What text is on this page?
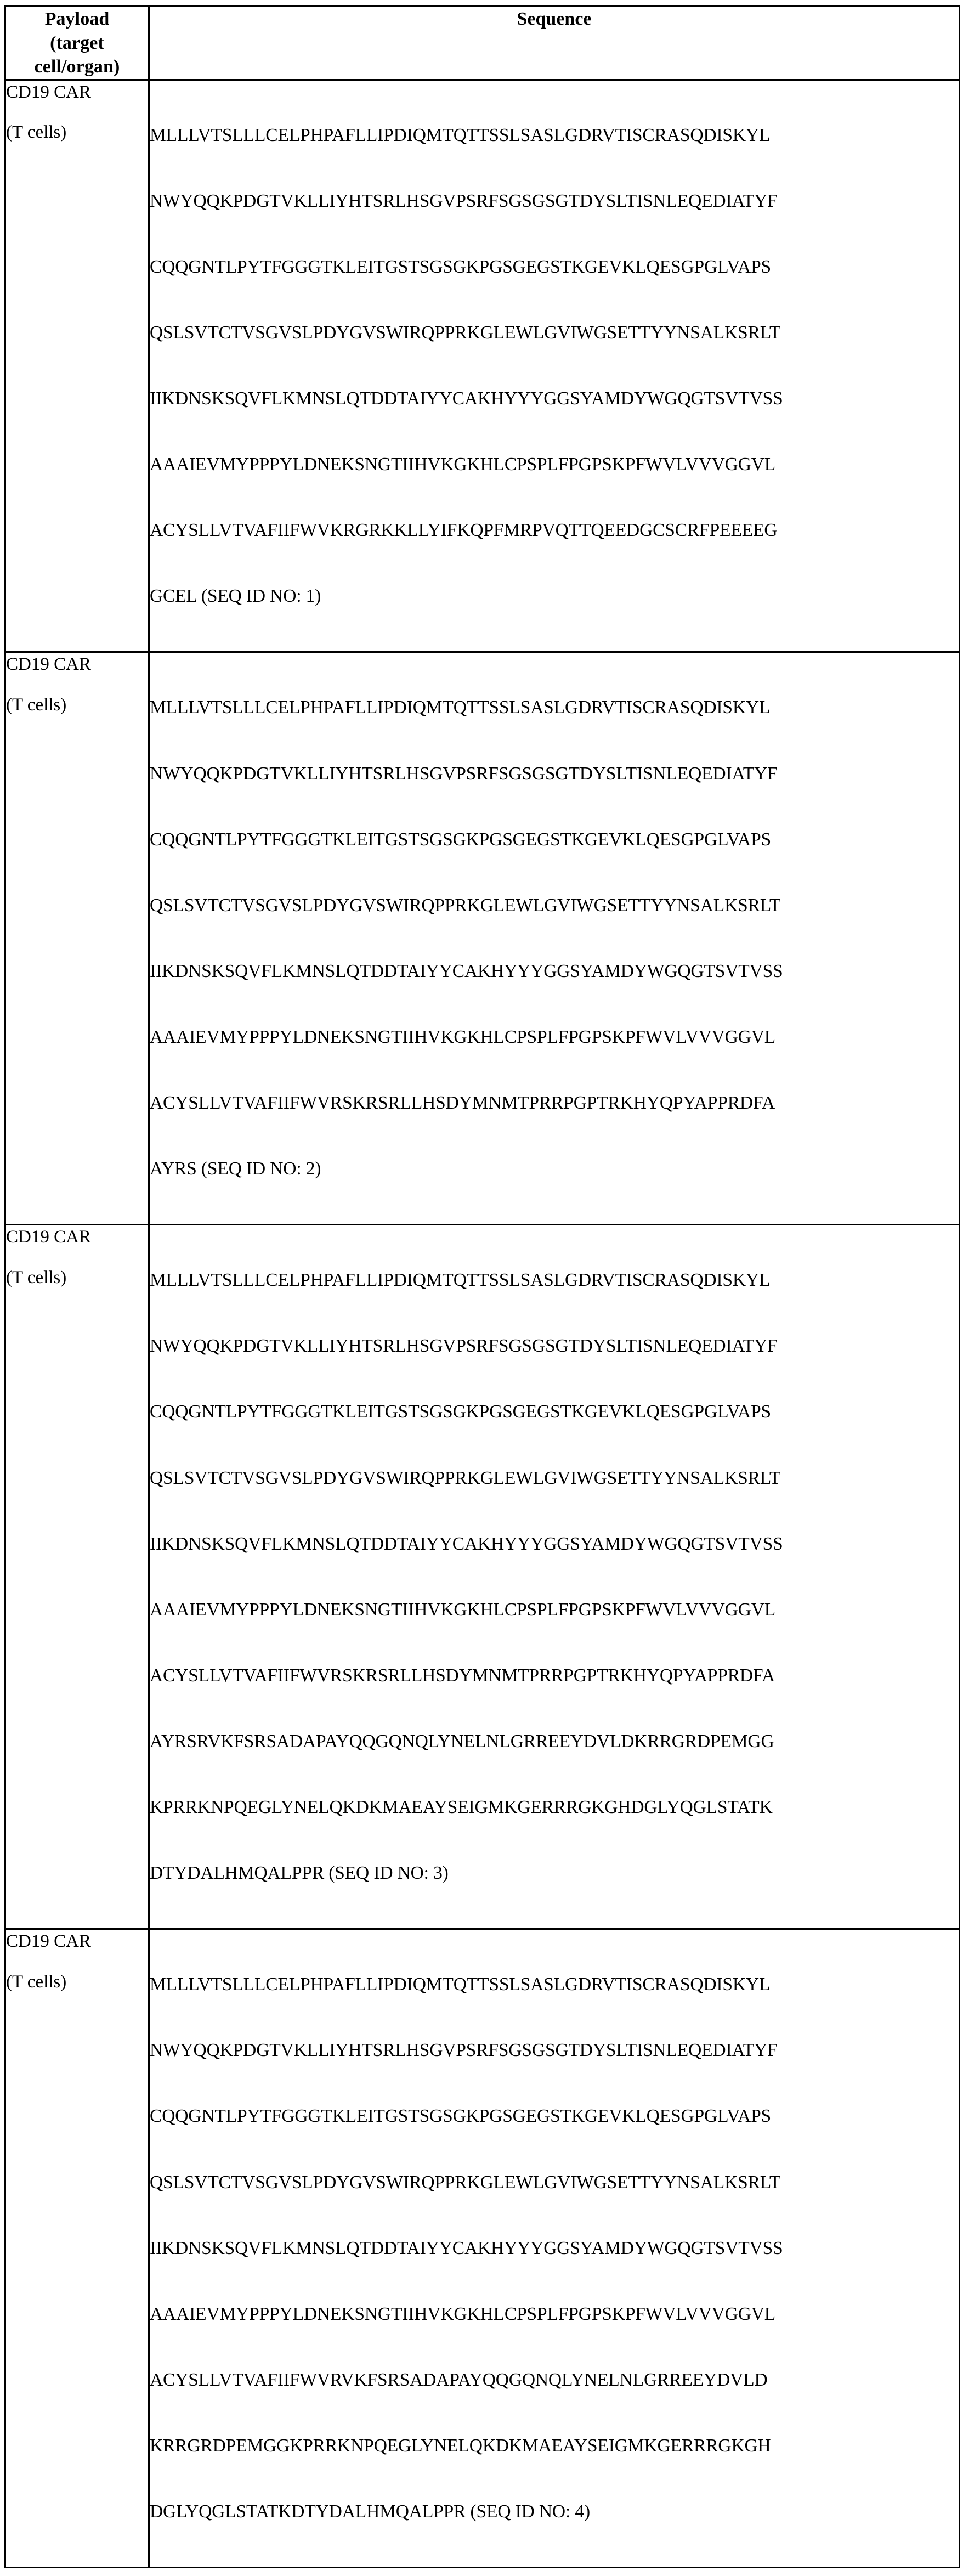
Payload
(target
cell/organ)	Sequence

CD19 CAR
(T cells)	MLLLVTSLLLCELPHPAFLLIPDIQMTQTTSSLSASLGDRVTISCRASQDISKYL

NWYQQKPDGTVKLLIYHTSRLHSGVPSRFSGSGSGTDYSLTISNLEQEDIATYF

CQQGNTLPYTFGGGTKLEITGSTSGSGKPGSGEGSTKGEVKLQESGPGLVAPS

QSLSVTCTVSGVSLPDYGVSWIRQPPRKGLEWLGVIWGSETTYYNSALKSRLT

IIKDNSKSQVFLKMNSLQTDDTAIYYCAKHYYYGGSYAMDYWGQGTSVTVSS

AAAIEVMYPPPYLDNEKSNGTIIHVKGKHLCPSPLFPGPSKPFWVLVVVGGVL

ACYSLLVTVAFIIFWVKRGRKKLLYIFKQPFMRPVQTTQEEDGCSCRFPEEEEG

GCEL (SEQ ID NO: 1)

CD19 CAR
(T cells)	MLLLVTSLLLCELPHPAFLLIPDIQMTQTTSSLSASLGDRVTISCRASQDISKYL

NWYQQKPDGTVKLLIYHTSRLHSGVPSRFSGSGSGTDYSLTISNLEQEDIATYF

CQQGNTLPYTFGGGTKLEITGSTSGSGKPGSGEGSTKGEVKLQESGPGLVAPS

QSLSVTCTVSGVSLPDYGVSWIRQPPRKGLEWLGVIWGSETTYYNSALKSRLT

IIKDNSKSQVFLKMNSLQTDDTAIYYCAKHYYYGGSYAMDYWGQGTSVTVSS

AAAIEVMYPPPYLDNEKSNGTIIHVKGKHLCPSPLFPGPSKPFWVLVVVGGVL

ACYSLLVTVAFIIFWVRSKRSRLLHSDYMNMTPRRPGPTRKHYQPYAPPRDFA

AYRS (SEQ ID NO: 2)

CD19 CAR
(T cells)	MLLLVTSLLLCELPHPAFLLIPDIQMTQTTSSLSASLGDRVTISCRASQDISKYL

NWYQQKPDGTVKLLIYHTSRLHSGVPSRFSGSGSGTDYSLTISNLEQEDIATYF

CQQGNTLPYTFGGGTKLEITGSTSGSGKPGSGEGSTKGEVKLQESGPGLVAPS

QSLSVTCTVSGVSLPDYGVSWIRQPPRKGLEWLGVIWGSETTYYNSALKSRLT

IIKDNSKSQVFLKMNSLQTDDTAIYYCAKHYYYGGSYAMDYWGQGTSVTVSS

AAAIEVMYPPPYLDNEKSNGTIIHVKGKHLCPSPLFPGPSKPFWVLVVVGGVL

ACYSLLVTVAFIIFWVRSKRSRLLHSDYMNMTPRRPGPTRKHYQPYAPPRDFA

AYRSRVKFSRSADAPAYQQGQNQLYNELNLGRREEYDVLDKRRGRDPEMGG

KPRRKNPQEGLYNELQKDKMAEAYSEIGMKGERRRGKGHDGLYQGLSTATK

DTYDALHMQALPPR (SEQ ID NO: 3)

CD19 CAR
(T cells)	MLLLVTSLLLCELPHPAFLLIPDIQMTQTTSSLSASLGDRVTISCRASQDISKYL

NWYQQKPDGTVKLLIYHTSRLHSGVPSRFSGSGSGTDYSLTISNLEQEDIATYF

CQQGNTLPYTFGGGTKLEITGSTSGSGKPGSGEGSTKGEVKLQESGPGLVAPS

QSLSVTCTVSGVSLPDYGVSWIRQPPRKGLEWLGVIWGSETTYYNSALKSRLT

IIKDNSKSQVFLKMNSLQTDDTAIYYCAKHYYYGGSYAMDYWGQGTSVTVSS

AAAIEVMYPPPYLDNEKSNGTIIHVKGKHLCPSPLFPGPSKPFWVLVVVGGVL

ACYSLLVTVAFIIFWVRVKFSRSADAPAYQQGQNQLYNELNLGRREEYDVLD

KRRGRDPEMGGKPRRKNPQEGLYNELQKDKMAEAYSEIGMKGERRRGKGH

DGLYQGLSTATKDTYDALHMQALPPR (SEQ ID NO: 4)
